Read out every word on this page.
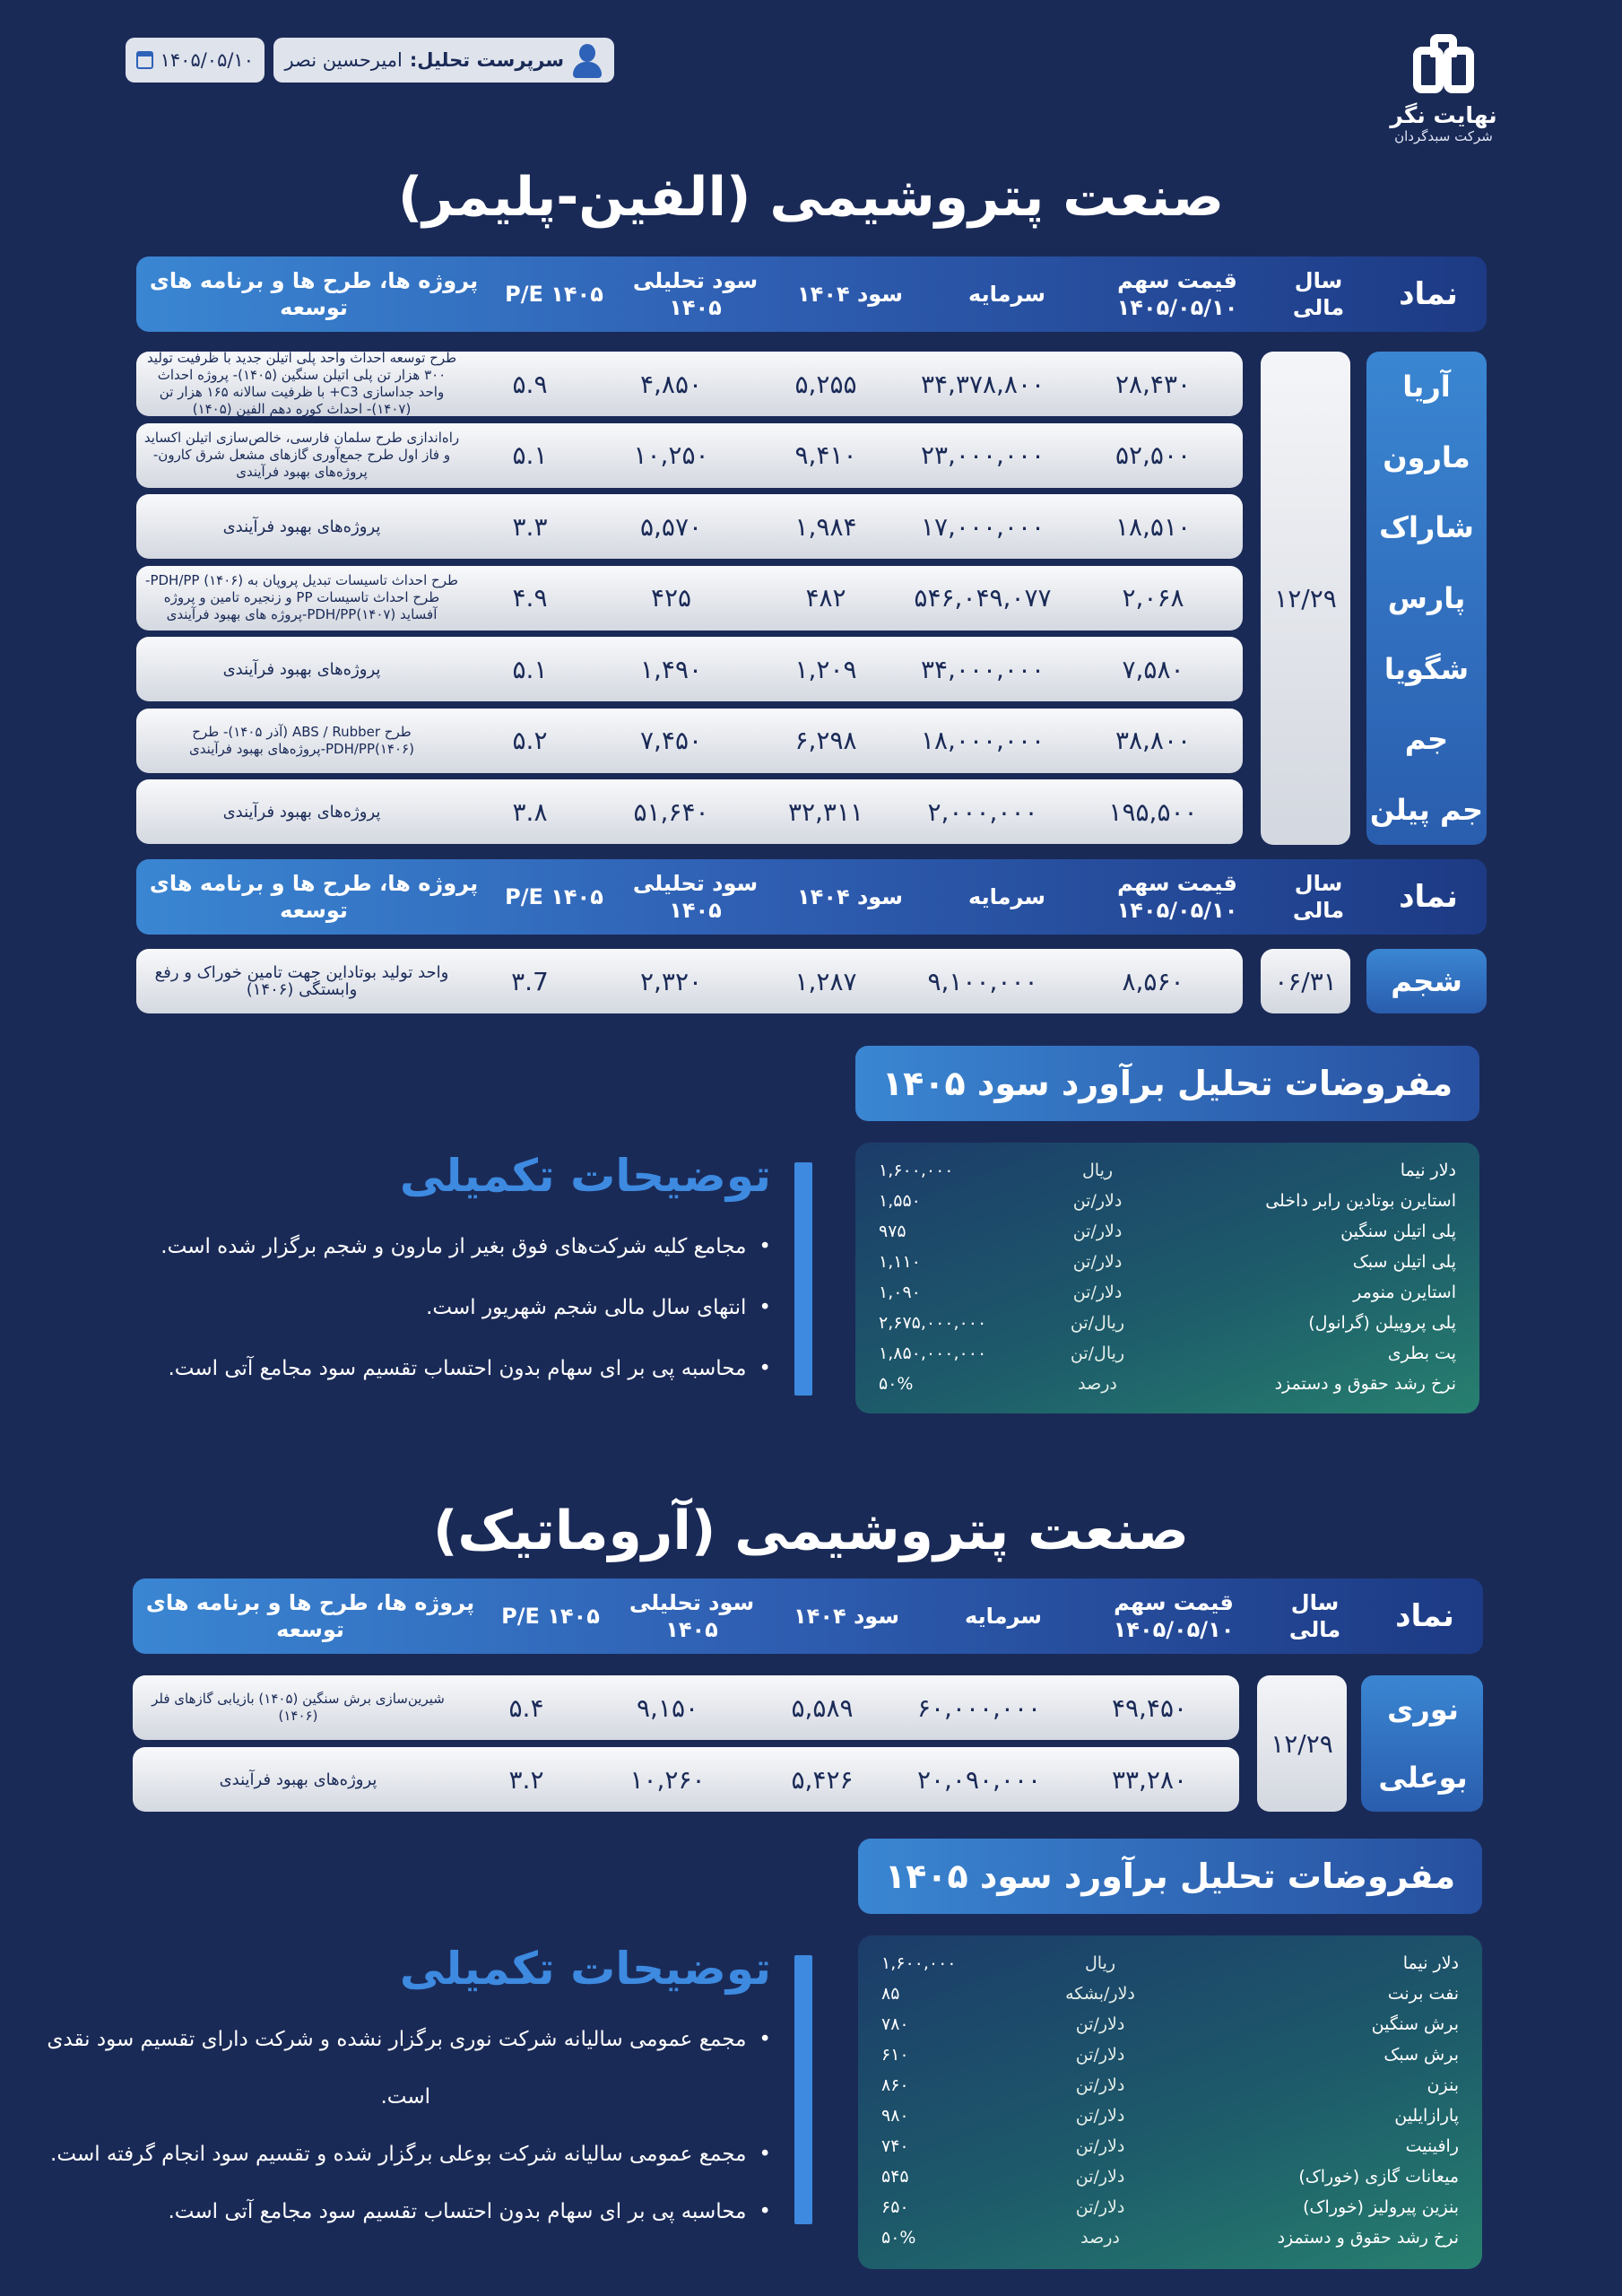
نهایت نگر
شرکت سبدگردان
سرپرست تحلیل:
امیرحسین نصر
۱۴۰۵/۰۵/۱۰
صنعت پتروشیمی (الفین-پلیمر)
نماد
سال مالی
قیمت سهم
۱۴۰۵/۰۵/۱۰
سرمایه
سود ۱۴۰۴
سود تحلیلی
۱۴۰۵
P/E ۱۴۰۵
پروژه ها، طرح ها و برنامه های توسعه
آریا
مارون
شاراک
پارس
شگویا
جم
جم پیلن
۱۲/۲۹
۲۸,۴۳۰
۳۴,۳۷۸,۸۰۰
۵,۲۵۵
۴,۸۵۰
۵.۹
طرح توسعه احداث واحد پلی اتیلن جدید با ظرفیت تولید ۳۰۰ هزار تن پلی اتیلن سنگین (۱۴۰۵)- پروژه احداث واحد جداسازی C3+ با ظرفیت سالانه ۱۶۵ هزار تن (۱۴۰۷)- احداث کوره دهم الفین (۱۴۰۵)
۵۲,۵۰۰
۲۳,۰۰۰,۰۰۰
۹,۴۱۰
۱۰,۲۵۰
۵.۱
راه‌اندازی طرح سلمان فارسی، خالص‌سازی اتیلن اکساید و فاز اول طرح جمع‌آوری گازهای مشعل شرق کارون- پروژه‌های بهبود فرآیندی
۱۸,۵۱۰
۱۷,۰۰۰,۰۰۰
۱,۹۸۴
۵,۵۷۰
۳.۳
پروژه‌های بهبود فرآیندی
۲,۰۶۸
۵۴۶,۰۴۹,۰۷۷
۴۸۲
۴۲۵
۴.۹
طرح احداث تاسیسات تبدیل پروپان به PDH/PP (۱۴۰۶)- طرح احداث تاسیسات PP و زنجیره تامین و پروژه آفساید PDH/PP(۱۴۰۷)-پروژه های بهبود فرآیندی
۷,۵۸۰
۳۴,۰۰۰,۰۰۰
۱,۲۰۹
۱,۴۹۰
۵.۱
پروژه‌های بهبود فرآیندی
۳۸,۸۰۰
۱۸,۰۰۰,۰۰۰
۶,۲۹۸
۷,۴۵۰
۵.۲
طرح ABS / Rubber (آذر ۱۴۰۵)- طرح PDH/PP(۱۴۰۶)-پروژه‌های بهبود فرآیندی
۱۹۵,۵۰۰
۲,۰۰۰,۰۰۰
۳۲,۳۱۱
۵۱,۶۴۰
۳.۸
پروژه‌های بهبود فرآیندی
نماد
سال مالی
قیمت سهم
۱۴۰۵/۰۵/۱۰
سرمایه
سود ۱۴۰۴
سود تحلیلی
۱۴۰۵
P/E ۱۴۰۵
پروژه ها، طرح ها و برنامه های توسعه
شجم
۰۶/۳۱
۸,۵۶۰
۹,۱۰۰,۰۰۰
۱,۲۸۷
۲,۳۲۰
۳.7
واحد تولید بوتاداین جهت تامین خوراک و رفع وابستگی (۱۴۰۶)
مفروضات تحلیل برآورد سود ۱۴۰۵
دلار نیما
ریال
۱,۶۰۰,۰۰۰
استایرن بوتادین رابر داخلی
دلار/تن
۱,۵۵۰
پلی اتیلن سنگین
دلار/تن
۹۷۵
پلی اتیلن سبک
دلار/تن
۱,۱۱۰
استایرن منومر
دلار/تن
۱,۰۹۰
پلی پروپیلن (گرانول)
ریال/تن
۲,۶۷۵,۰۰۰,۰۰۰
پت بطری
ریال/تن
۱,۸۵۰,۰۰۰,۰۰۰
نرخ رشد حقوق و دستمزد
درصد
۵۰%
توضیحات تکمیلی
• مجامع کلیه شرکت‌های فوق بغیر از مارون و شجم برگزار شده است.
• انتهای سال مالی شجم شهریور است.
• محاسبه پی بر ای سهام بدون احتساب تقسیم سود مجامع آتی است.
صنعت پتروشیمی (آروماتیک)
نماد
سال مالی
قیمت سهم
۱۴۰۵/۰۵/۱۰
سرمایه
سود ۱۴۰۴
سود تحلیلی
۱۴۰۵
P/E ۱۴۰۵
پروژه ها، طرح ها و برنامه های توسعه
نوری
بوعلی
۱۲/۲۹
۴۹,۴۵۰
۶۰,۰۰۰,۰۰۰
۵,۵۸۹
۹,۱۵۰
۵.۴
شیرین‌سازی برش سنگین (۱۴۰۵) بازیابی گازهای فلر (۱۴۰۶)
۳۳,۲۸۰
۲۰,۰۹۰,۰۰۰
۵,۴۲۶
۱۰,۲۶۰
۳.۲
پروژه‌های بهبود فرآیندی
مفروضات تحلیل برآورد سود ۱۴۰۵
دلار نیما
ریال
۱,۶۰۰,۰۰۰
نفت برنت
دلار/بشکه
۸۵
برش سنگین
دلار/تن
۷۸۰
برش سبک
دلار/تن
۶۱۰
بنزن
دلار/تن
۸۶۰
پارازایلین
دلار/تن
۹۸۰
رافینیت
دلار/تن
۷۴۰
میعانات گازی (خوراک)
دلار/تن
۵۴۵
بنزین پیرولیز (خوراک)
دلار/تن
۶۵۰
نرخ رشد حقوق و دستمزد
درصد
۵۰%
توضیحات تکمیلی
• مجمع عمومی سالیانه شرکت نوری برگزار نشده و شرکت دارای تقسیم سود نقدی
است.
• مجمع عمومی سالیانه شرکت بوعلی برگزار شده و تقسیم سود انجام گرفته است.
• محاسبه پی بر ای سهام بدون احتساب تقسیم سود مجامع آتی است.
